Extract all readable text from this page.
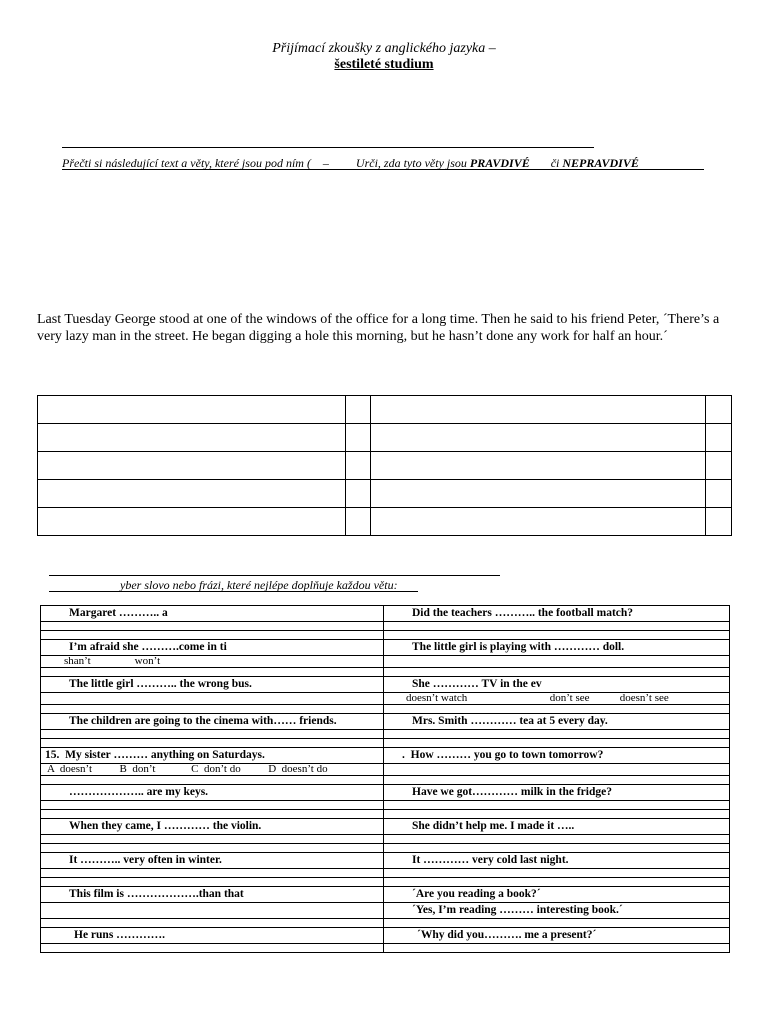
Přijímací zkoušky z anglického jazyka –
šestileté studium
Přečti si následující text a věty, které jsou pod ním (    –         Urči, zda tyto věty jsou PRAVDIVÉ       či NEPRAVDIVÉ
Last Tuesday George stood at one of the windows of the office for a long time. Then he said to his friend Peter, ´There’s a very lazy man in the street. He began digging a hole this morning, but he hasn’t done any work for half an hour.´

yber slovo nebo frázi, které nejlépe doplňuje každou větu:
Margaret ……….. a	Did the teachers ……….. the football match?

I’m afraid she ……….come in ti	The little girl is playing with ………… doll.
shan’t                won’t	

The little girl ……….. the wrong bus.	She ………… TV in the ev
	doesn’t watch                              don’t see           doesn’t see

The children are going to the cinema with…… friends.	Mrs. Smith ………… tea at 5 every day.

15.  My sister ……… anything on Saturdays.	.  How ……… you go to town tomorrow?
A  doesn’t          B  don’t             C  don’t do          D  doesn’t do	

……………….. are my keys.	Have we got………… milk in the fridge?

When they came, I ………… the violin.	She didn’t help me. I made it …..

It ……….. very often in winter.	It ………… very cold last night.

This film is ……………….than that	´Are you reading a book?´
	´Yes, I’m reading ……… interesting book.´

He runs ………….	´Why did you………. me a present?´
